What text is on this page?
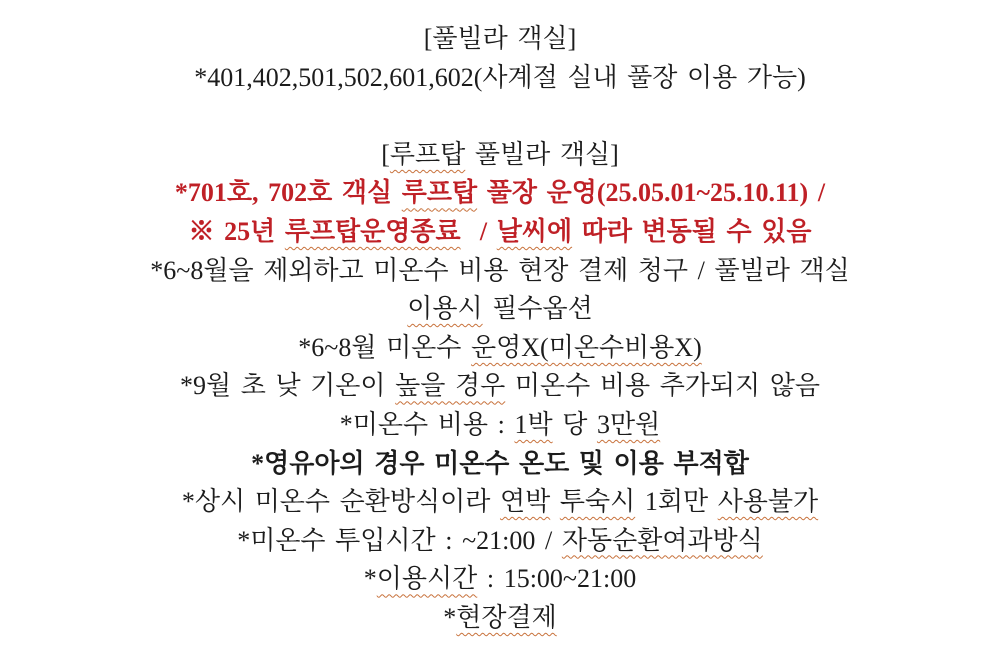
[풀빌라 객실]
*401,402,501,502,601,602(사계절 실내 풀장 이용 가능)
[루프탑 풀빌라 객실]
*701호, 702호 객실 루프탑 풀장 운영(25.05.01~25.10.11) /
※ 25년 루프탑운영종료  / 날씨에 따라 변동될 수 있음
*6~8월을 제외하고 미온수 비용 현장 결제 청구 / 풀빌라 객실
이용시 필수옵션
*6~8월 미온수 운영X(미온수비용X)
*9월 초 낮 기온이 높을 경우 미온수 비용 추가되지 않음
*미온수 비용 : 1박 당 3만원
*영유아의 경우 미온수 온도 및 이용 부적합
*상시 미온수 순환방식이라 연박 투숙시 1회만 사용불가
*미온수 투입시간 : ~21:00 / 자동순환여과방식
*이용시간 : 15:00~21:00
*현장결제
